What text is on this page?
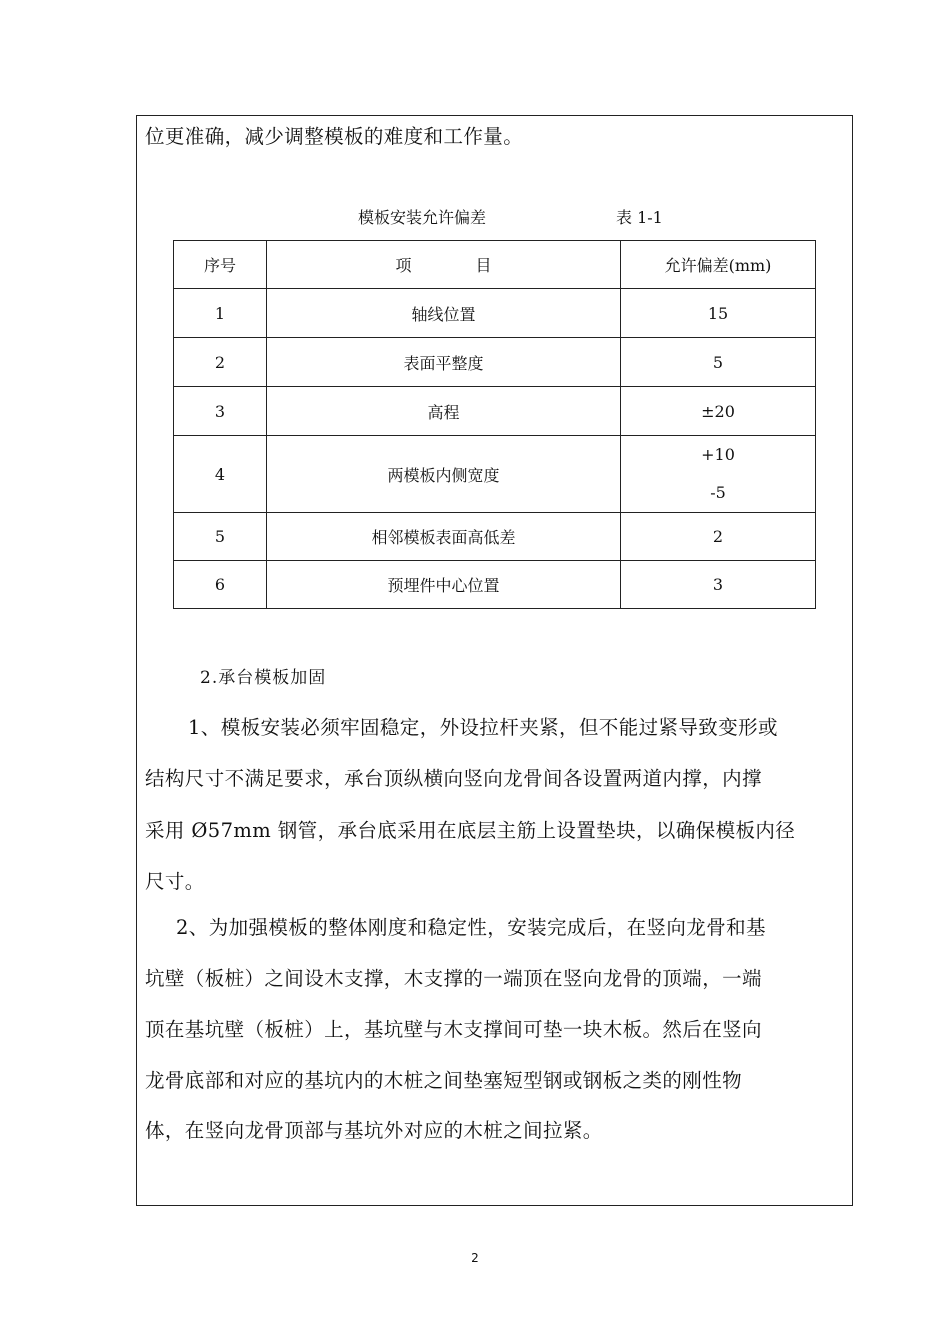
位更准确，减少调整模板的难度和工作量。
模板安装允许偏差	表 1-1
序号	项　　　　目	允许偏差(mm)
1	轴线位置	15
2	表面平整度	5
3	高程	±20
4	两模板内侧宽度	+10
-5

5	相邻模板表面高低差	2
6	预埋件中心位置	3
2.承台模板加固
1、模板安装必须牢固稳定，外设拉杆夹紧，但不能过紧导致变形或
结构尺寸不满足要求，承台顶纵横向竖向龙骨间各设置两道内撑，内撑
采用 Ø57mm 钢管，承台底采用在底层主筋上设置垫块，以确保模板内径
尺寸。
2、为加强模板的整体刚度和稳定性，安装完成后，在竖向龙骨和基
坑壁（板桩）之间设木支撑，木支撑的一端顶在竖向龙骨的顶端，一端
顶在基坑壁（板桩）上，基坑壁与木支撑间可垫一块木板。然后在竖向
龙骨底部和对应的基坑内的木桩之间垫塞短型钢或钢板之类的刚性物
体，在竖向龙骨顶部与基坑外对应的木桩之间拉紧。
2
